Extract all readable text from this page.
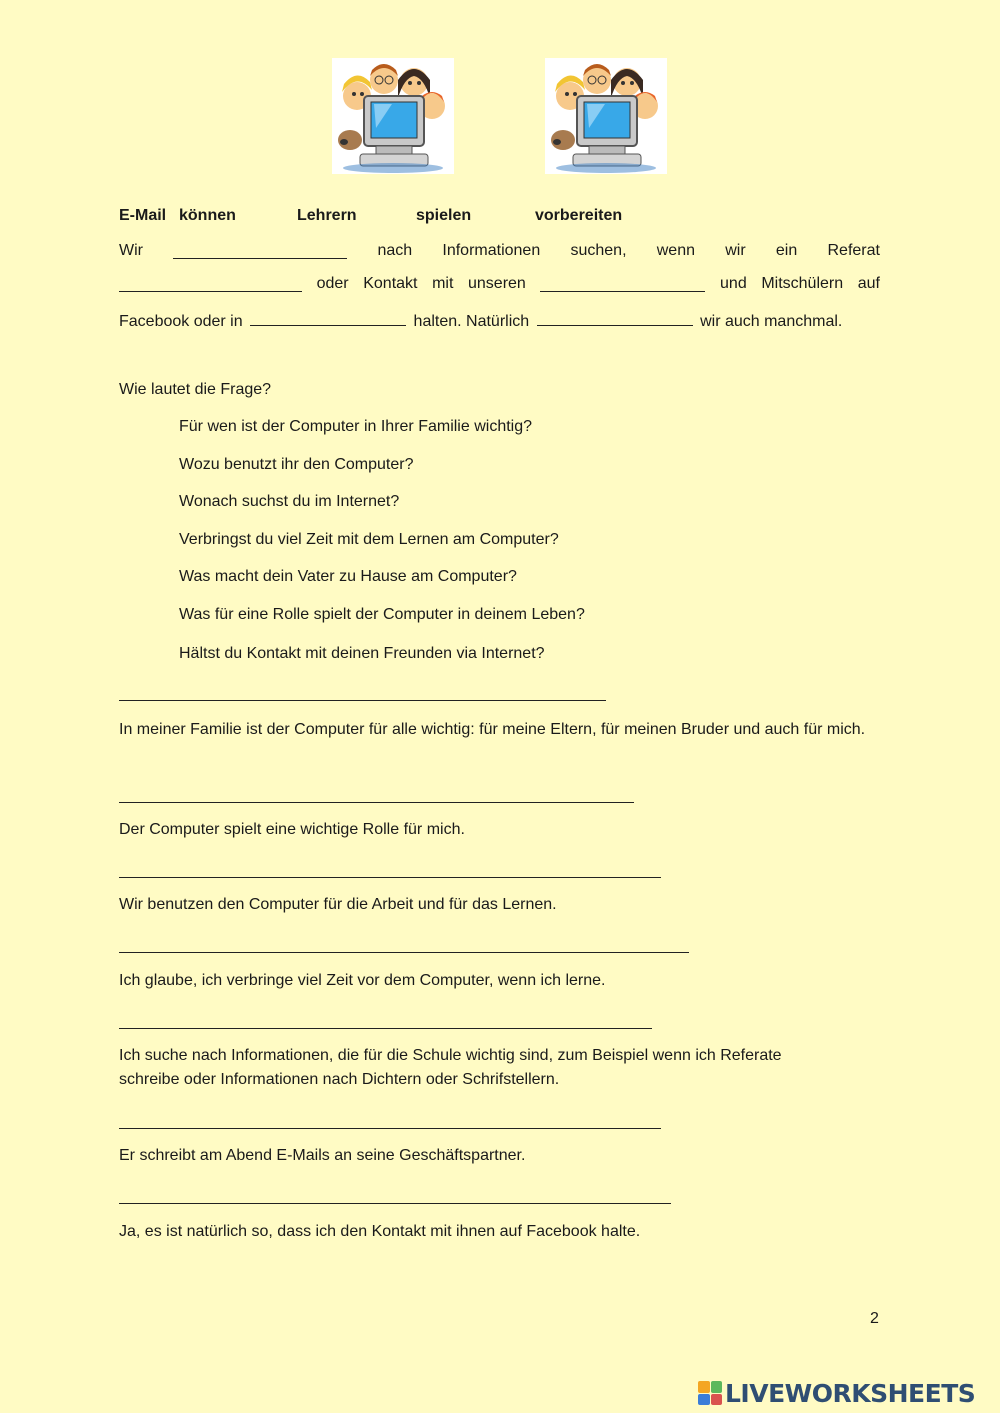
E-Mail können	Lehrern	spielen	vorbereiten
Wir	nach Informationen suchen, wenn wir ein Referat
oder Kontakt mit unseren	und Mitschülern auf
Facebook oder in	halten. Natürlich	wir auch manchmal.
Wie lautet die Frage?
Für wen ist der Computer in Ihrer Familie wichtig?
Wozu benutzt ihr den Computer?
Wonach suchst du im Internet?
Verbringst du viel Zeit mit dem Lernen am Computer?
Was macht dein Vater zu Hause am Computer?
Was für eine Rolle spielt der Computer in deinem Leben?
Hältst du Kontakt mit deinen Freunden via Internet?
In meiner Familie ist der Computer für alle wichtig: für meine Eltern, für meinen Bruder und auch für mich.
Der Computer spielt eine wichtige Rolle für mich.
Wir benutzen den Computer für die Arbeit und für das Lernen.
Ich glaube, ich verbringe viel Zeit vor dem Computer, wenn ich lerne.
Ich suche nach Informationen, die für die Schule wichtig sind, zum Beispiel wenn ich Referate schreibe oder Informationen nach Dichtern oder Schrifstellern.
Er schreibt am Abend E-Mails an seine Geschäftspartner.
Ja, es ist natürlich so, dass ich den Kontakt mit ihnen auf Facebook halte.
2
LIVEWORKSHEETS
